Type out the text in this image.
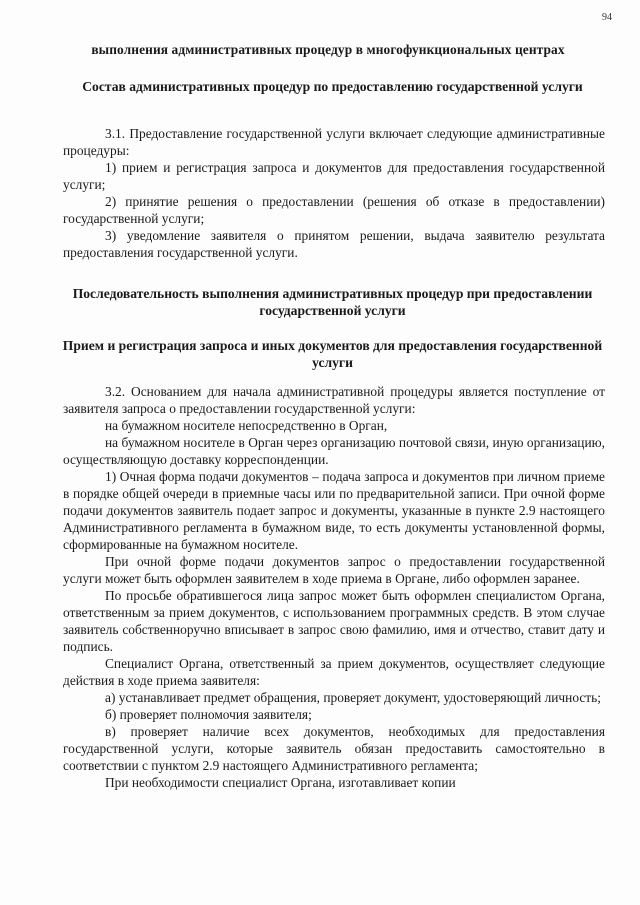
94
выполнения административных процедур в многофункциональных центрах
Состав административных процедур по предоставлению государственной услуги

3.1. Предоставление государственной услуги включает следующие административные процедуры:

1) прием и регистрация запроса и документов для предоставления государственной услуги;

2) принятие решения о предоставлении (решения об отказе в предоставлении) государственной услуги;

3) уведомление заявителя о принятом решении, выдача заявителю результата предоставления государственной услуги.

Последовательность выполнения административных процедур при предоставлении государственной услуги
Прием и регистрация запроса и иных документов для предоставления государственной услуги

3.2. Основанием для начала административной процедуры является поступление от заявителя запроса о предоставлении государственной услуги:

на бумажном носителе непосредственно в Орган,

на бумажном носителе в Орган через организацию почтовой связи, иную организацию, осуществляющую доставку корреспонденции.

1) Очная форма подачи документов – подача запроса и документов при личном приеме в порядке общей очереди в приемные часы или по предварительной записи. При очной форме подачи документов заявитель подает запрос и документы, указанные в пункте 2.9 настоящего Административного регламента в бумажном виде, то есть документы установленной формы, сформированные на бумажном носителе.

При очной форме подачи документов запрос о предоставлении государственной услуги может быть оформлен заявителем в ходе приема в Органе, либо оформлен заранее.

По просьбе обратившегося лица запрос может быть оформлен специалистом Органа, ответственным за прием документов, с использованием программных средств. В этом случае заявитель собственноручно вписывает в запрос свою фамилию, имя и отчество, ставит дату и подпись.

Специалист Органа, ответственный за прием документов, осуществляет следующие действия в ходе приема заявителя:

а) устанавливает предмет обращения, проверяет документ, удостоверяющий личность;

б) проверяет полномочия заявителя;

в) проверяет наличие всех документов, необходимых для предоставления государственной услуги, которые заявитель обязан предоставить самостоятельно в соответствии с пунктом 2.9 настоящего Административного регламента;

При необходимости специалист Органа, изготавливает копии
